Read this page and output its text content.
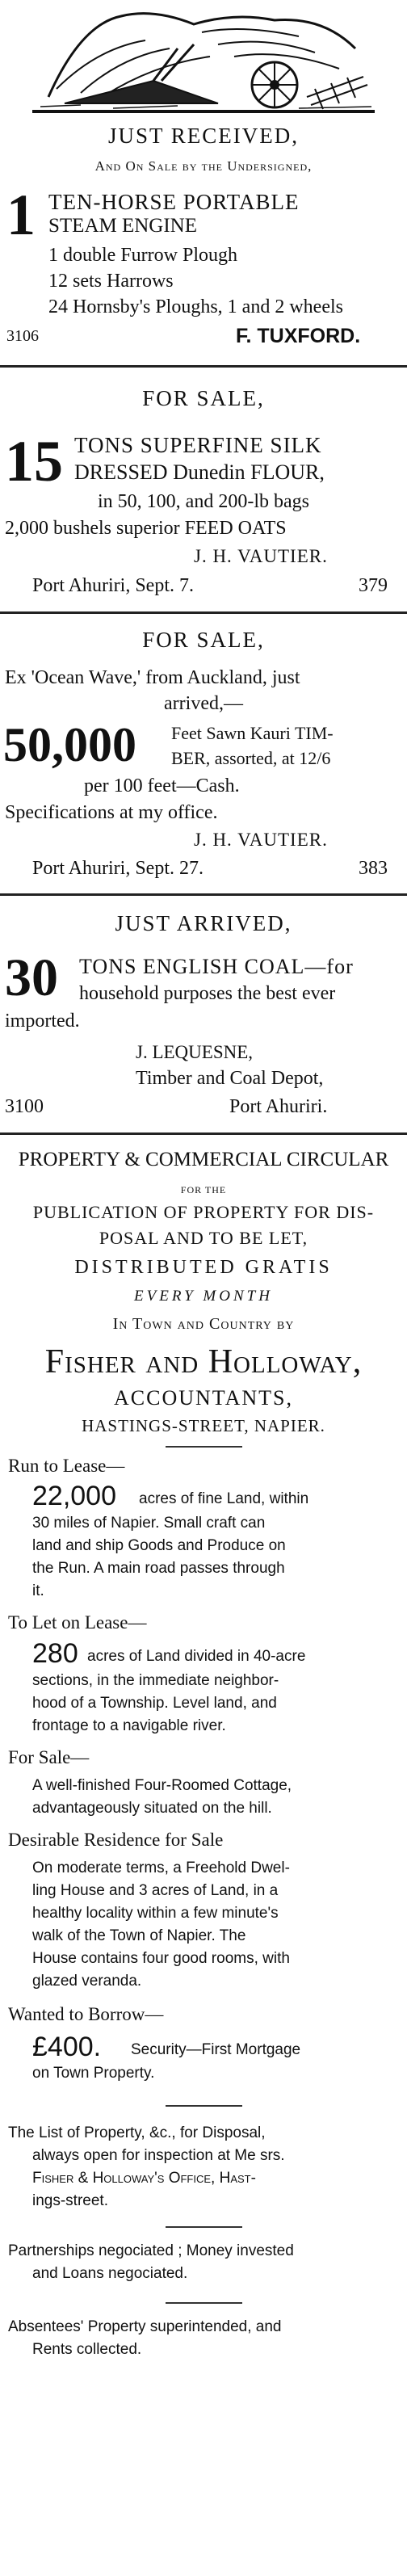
JUST RECEIVED,
And On Sale by the Undersigned,
1 TEN-HORSE PORTABLE
STEAM ENGINE
1 double Furrow Plough
12 sets Harrows
24 Hornsby's Ploughs, 1 and 2 wheels
3106	F. TUXFORD.
FOR SALE,
15 TONS SUPERFINE SILK
DRESSED Dunedin FLOUR,
in 50, 100, and 200-lb bags
2,000 bushels superior FEED OATS
J. H. VAUTIER.
Port Ahuriri, Sept. 7.	379
FOR SALE,
Ex 'Ocean Wave,' from Auckland, just
arrived,—
50,000 Feet Sawn Kauri TIM-
BER, assorted, at 12/6
per 100 feet—Cash.
Specifications at my office.
J. H. VAUTIER.
Port Ahuriri, Sept. 27.	383
JUST ARRIVED,
30 TONS ENGLISH COAL—for
household purposes the best ever
imported.
J. LEQUESNE,
Timber and Coal Depot,
3100	Port Ahuriri.
PROPERTY & COMMERCIAL CIRCULAR
FOR THE
PUBLICATION OF PROPERTY FOR DIS-
POSAL AND TO BE LET,
DISTRIBUTED GRATIS
EVERY MONTH
In Town and Country by
Fisher and Holloway,
ACCOUNTANTS,
HASTINGS-STREET, NAPIER.
Run to Lease—
22,000 acres of fine Land, within
30 miles of Napier. Small craft can
land and ship Goods and Produce on
the Run. A main road passes through
it.
To Let on Lease—
280 acres of Land divided in 40-acre
sections, in the immediate neighbor-
hood of a Township. Level land, and
frontage to a navigable river.
For Sale—
A well-finished Four-Roomed Cottage,
advantageously situated on the hill.
Desirable Residence for Sale
On moderate terms, a Freehold Dwel-
ling House and 3 acres of Land, in a
healthy locality within a few minute's
walk of the Town of Napier. The
House contains four good rooms, with
glazed veranda.
Wanted to Borrow—
£400. Security—First Mortgage
on Town Property.
The List of Property, &c., for Disposal,
always open for inspection at Me srs.
Fisher & Holloway's Office, Hast-
ings-street.
Partnerships negociated ; Money invested
and Loans negociated.
Absentees' Property superintended, and
Rents collected.
